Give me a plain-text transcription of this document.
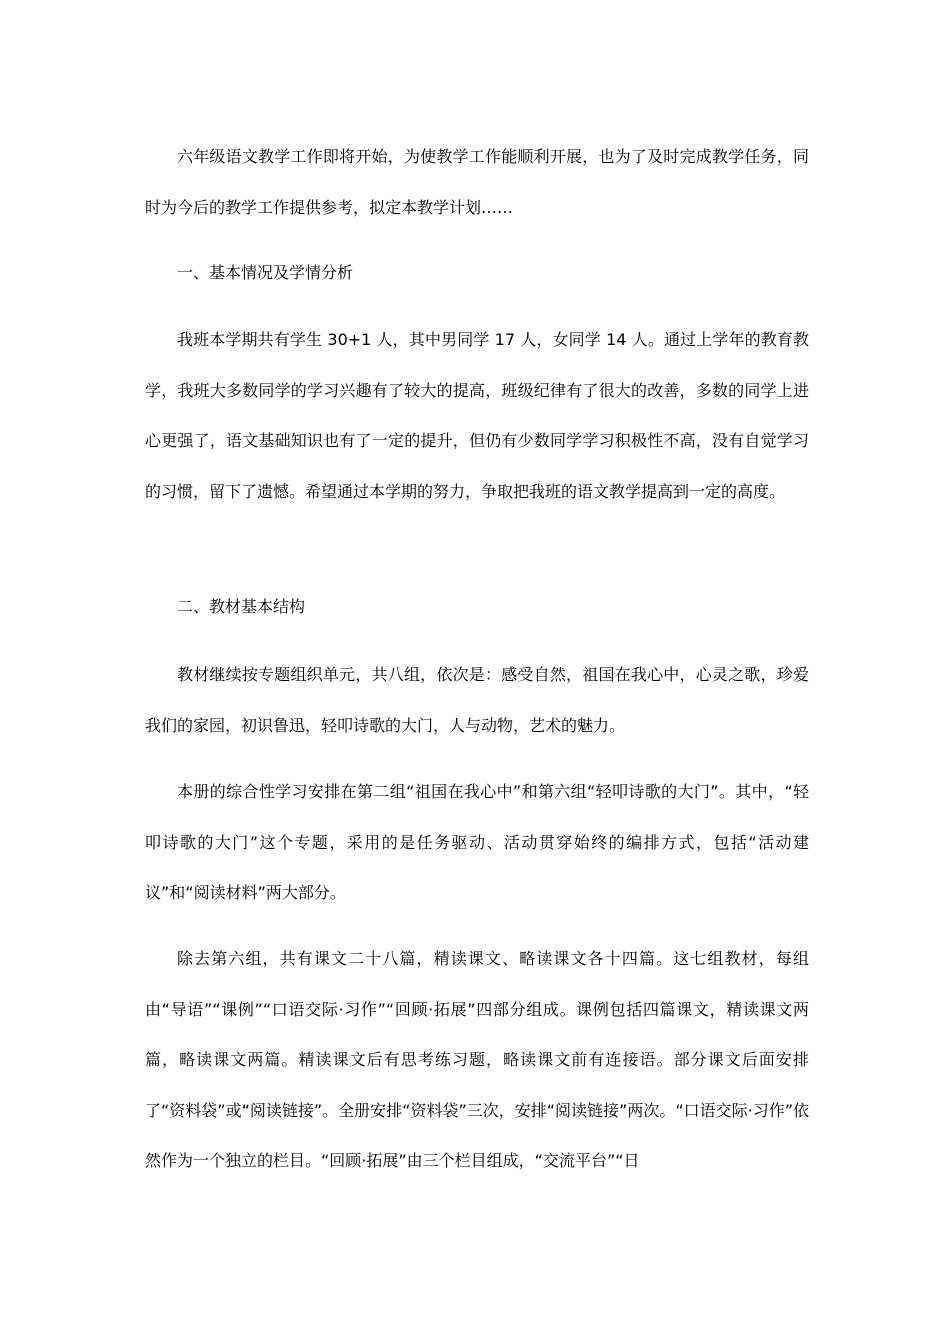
六年级语文教学工作即将开始，为使教学工作能顺利开展，也为了及时完成教学任务，同时为今后的教学工作提供参考，拟定本教学计划……

一、基本情况及学情分析

我班本学期共有学生 30+1 人，其中男同学 17 人，女同学 14 人。通过上学年的教育教学，我班大多数同学的学习兴趣有了较大的提高，班级纪律有了很大的改善，多数的同学上进心更强了，语文基础知识也有了一定的提升，但仍有少数同学学习积极性不高，没有自觉学习的习惯，留下了遗憾。希望通过本学期的努力，争取把我班的语文教学提高到一定的高度。

二、教材基本结构

教材继续按专题组织单元，共八组，依次是：感受自然，祖国在我心中，心灵之歌，珍爱我们的家园，初识鲁迅，轻叩诗歌的大门，人与动物，艺术的魅力。

本册的综合性学习安排在第二组“祖国在我心中”和第六组“轻叩诗歌的大门”。其中，“轻叩诗歌的大门”这个专题，采用的是任务驱动、活动贯穿始终的编排方式，包括“活动建议”和“阅读材料”两大部分。

除去第六组，共有课文二十八篇，精读课文、略读课文各十四篇。这七组教材，每组由“导语”“课例”“口语交际·习作”“回顾·拓展”四部分组成。课例包括四篇课文，精读课文两篇，略读课文两篇。精读课文后有思考练习题，略读课文前有连接语。部分课文后面安排了“资料袋”或“阅读链接”。全册安排“资料袋”三次，安排“阅读链接”两次。“口语交际·习作”依然作为一个独立的栏目。“回顾·拓展”由三个栏目组成，“交流平台”“日
